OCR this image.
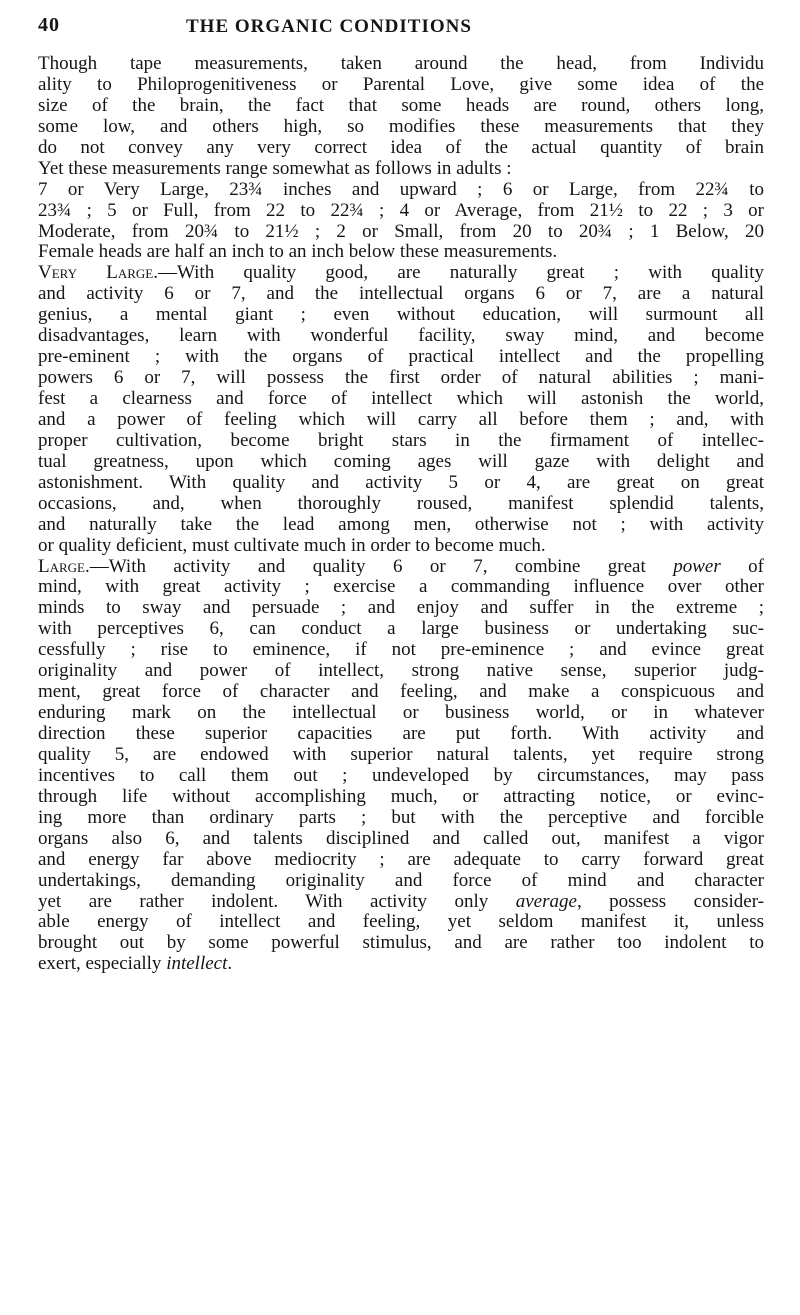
40	THE ORGANIC CONDITIONS
Though tape measurements, taken around the head, from Individu
ality to Philoprogenitiveness or Parental Love, give some idea of the
size of the brain, the fact that some heads are round, others long,
some low, and others high, so modifies these measurements that they
do not convey any very correct idea of the actual quantity of brain
Yet these measurements range somewhat as follows in adults :
7 or Very Large, 23¾ inches and upward ; 6 or Large, from 22¾ to
23¾ ; 5 or Full, from 22 to 22¾ ; 4 or Average, from 21½ to 22 ; 3 or
Moderate, from 20¾ to 21½ ; 2 or Small, from 20 to 20¾ ; 1 Below, 20
Female heads are half an inch to an inch below these measurements.
Very Large.—With quality good, are naturally great ; with quality
and activity 6 or 7, and the intellectual organs 6 or 7, are a natural
genius, a mental giant ; even without education, will surmount all
disadvantages, learn with wonderful facility, sway mind, and become
pre-eminent ; with the organs of practical intellect and the propelling
powers 6 or 7, will possess the first order of natural abilities ; mani-
fest a clearness and force of intellect which will astonish the world,
and a power of feeling which will carry all before them ; and, with
proper cultivation, become bright stars in the firmament of intellec-
tual greatness, upon which coming ages will gaze with delight and
astonishment. With quality and activity 5 or 4, are great on great
occasions, and, when thoroughly roused, manifest splendid talents,
and naturally take the lead among men, otherwise not ; with activity
or quality deficient, must cultivate much in order to become much.
Large.—With activity and quality 6 or 7, combine great power of
mind, with great activity ; exercise a commanding influence over other
minds to sway and persuade ; and enjoy and suffer in the extreme ;
with perceptives 6, can conduct a large business or undertaking suc-
cessfully ; rise to eminence, if not pre-eminence ; and evince great
originality and power of intellect, strong native sense, superior judg-
ment, great force of character and feeling, and make a conspicuous and
enduring mark on the intellectual or business world, or in whatever
direction these superior capacities are put forth. With activity and
quality 5, are endowed with superior natural talents, yet require strong
incentives to call them out ; undeveloped by circumstances, may pass
through life without accomplishing much, or attracting notice, or evinc-
ing more than ordinary parts ; but with the perceptive and forcible
organs also 6, and talents disciplined and called out, manifest a vigor
and energy far above mediocrity ; are adequate to carry forward great
undertakings, demanding originality and force of mind and character
yet are rather indolent. With activity only average, possess consider-
able energy of intellect and feeling, yet seldom manifest it, unless
brought out by some powerful stimulus, and are rather too indolent to
exert, especially intellect.
